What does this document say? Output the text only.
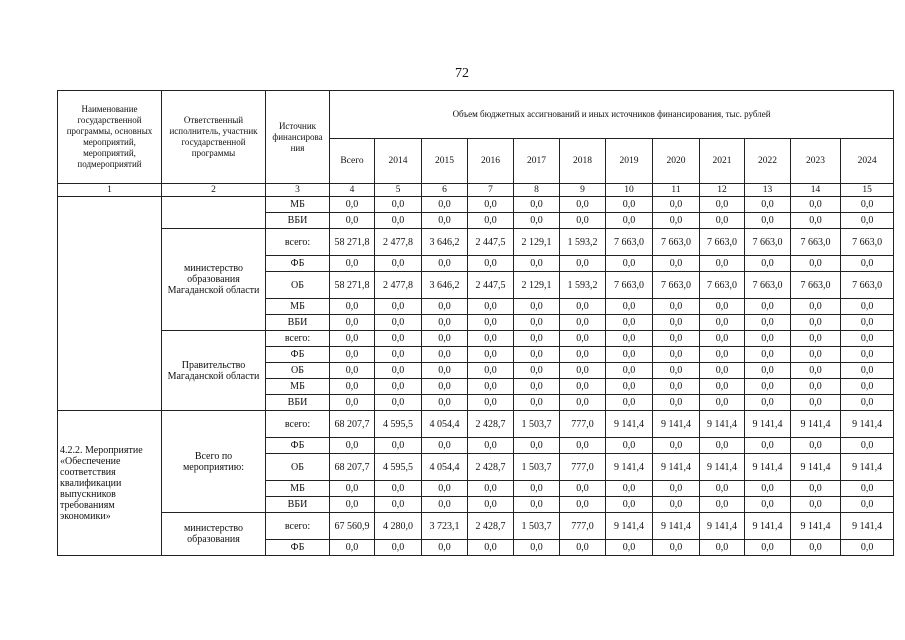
72
Наименование государственной программы, основных мероприятий, мероприятий, подмероприятий	Ответственный исполнитель, участник государственной программы	Источник финансирова ния	Объем бюджетных ассигнований и иных источников финансирования, тыс. рублей											
			Всего	2014	2015	2016	2017	2018	2019	2020	2021	2022	2023	2024
1	2	3	4	5	6	7	8	9	10	11	12	13	14	15
		МБ	0,0	0,0	0,0	0,0	0,0	0,0	0,0	0,0	0,0	0,0	0,0	0,0
		ВБИ	0,0	0,0	0,0	0,0	0,0	0,0	0,0	0,0	0,0	0,0	0,0	0,0
	министерство образования Магаданской области	всего:	58 271,8	2 477,8	3 646,2	2 447,5	2 129,1	1 593,2	7 663,0	7 663,0	7 663,0	7 663,0	7 663,0	7 663,0
		ФБ	0,0	0,0	0,0	0,0	0,0	0,0	0,0	0,0	0,0	0,0	0,0	0,0
		ОБ	58 271,8	2 477,8	3 646,2	2 447,5	2 129,1	1 593,2	7 663,0	7 663,0	7 663,0	7 663,0	7 663,0	7 663,0
		МБ	0,0	0,0	0,0	0,0	0,0	0,0	0,0	0,0	0,0	0,0	0,0	0,0
		ВБИ	0,0	0,0	0,0	0,0	0,0	0,0	0,0	0,0	0,0	0,0	0,0	0,0
	Правительство Магаданской области	всего:	0,0	0,0	0,0	0,0	0,0	0,0	0,0	0,0	0,0	0,0	0,0	0,0
		ФБ	0,0	0,0	0,0	0,0	0,0	0,0	0,0	0,0	0,0	0,0	0,0	0,0
		ОБ	0,0	0,0	0,0	0,0	0,0	0,0	0,0	0,0	0,0	0,0	0,0	0,0
		МБ	0,0	0,0	0,0	0,0	0,0	0,0	0,0	0,0	0,0	0,0	0,0	0,0
		ВБИ	0,0	0,0	0,0	0,0	0,0	0,0	0,0	0,0	0,0	0,0	0,0	0,0
4.2.2. Мероприятие «Обеспечение соответствия квалификации выпускников требованиям экономики»	Всего по мероприятию:	всего:	68 207,7	4 595,5	4 054,4	2 428,7	1 503,7	777,0	9 141,4	9 141,4	9 141,4	9 141,4	9 141,4	9 141,4
		ФБ	0,0	0,0	0,0	0,0	0,0	0,0	0,0	0,0	0,0	0,0	0,0	0,0
		ОБ	68 207,7	4 595,5	4 054,4	2 428,7	1 503,7	777,0	9 141,4	9 141,4	9 141,4	9 141,4	9 141,4	9 141,4
		МБ	0,0	0,0	0,0	0,0	0,0	0,0	0,0	0,0	0,0	0,0	0,0	0,0
		ВБИ	0,0	0,0	0,0	0,0	0,0	0,0	0,0	0,0	0,0	0,0	0,0	0,0
	министерство образования	всего:	67 560,9	4 280,0	3 723,1	2 428,7	1 503,7	777,0	9 141,4	9 141,4	9 141,4	9 141,4	9 141,4	9 141,4
		ФБ	0,0	0,0	0,0	0,0	0,0	0,0	0,0	0,0	0,0	0,0	0,0	0,0
